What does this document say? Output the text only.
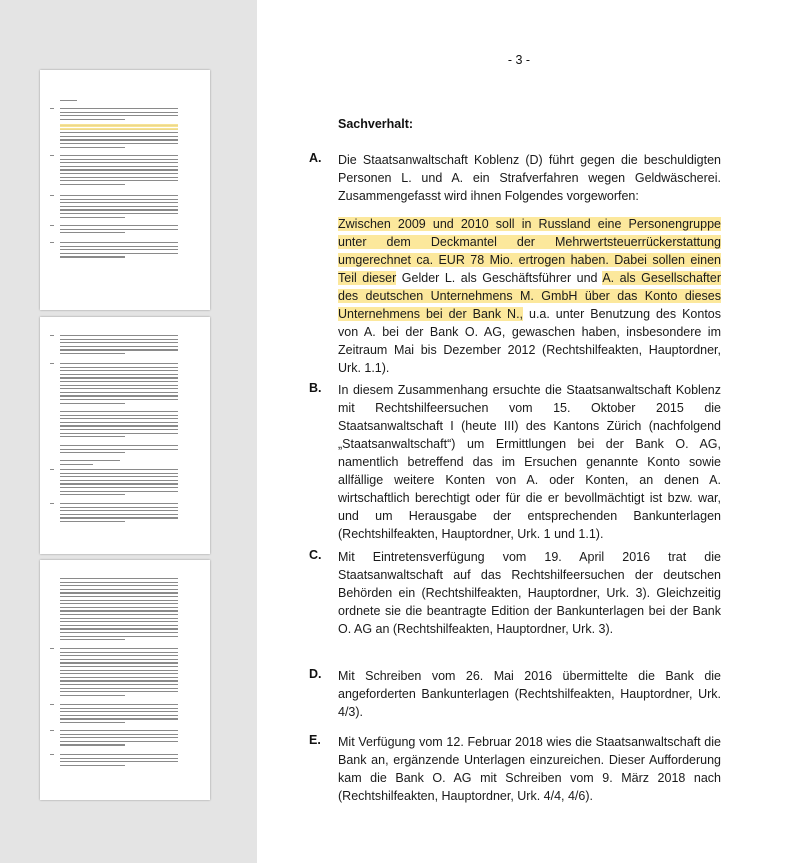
- 3 -
Sachverhalt:
A. Die Staatsanwaltschaft Koblenz (D) führt gegen die beschuldigten Personen L. und A. ein Strafverfahren wegen Geldwäscherei. Zusammengefasst wird ihnen Folgendes vorgeworfen:

Zwischen 2009 und 2010 soll in Russland eine Personengruppe unter dem Deckmantel der Mehrwertsteuerrückerstattung umgerechnet ca. EUR 78 Mio. ertrogen haben. Dabei sollen einen Teil dieser Gelder L. als Geschäftsführer und A. als Gesellschafter des deutschen Unternehmens M. GmbH über das Konto dieses Unternehmens bei der Bank N., u.a. unter Benutzung des Kontos von A. bei der Bank O. AG, gewaschen haben, insbesondere im Zeitraum Mai bis Dezember 2012 (Rechtshilfeakten, Hauptordner, Urk. 1.1).

B. In diesem Zusammenhang ersuchte die Staatsanwaltschaft Koblenz mit Rechtshilfeersuchen vom 15. Oktober 2015 die Staatsanwaltschaft I (heute III) des Kantons Zürich (nachfolgend „Staatsanwaltschaft“) um Ermittlungen bei der Bank O. AG, namentlich betreffend das im Ersuchen genannte Konto sowie allfällige weitere Konten von A. oder Konten, an denen A. wirtschaftlich berechtigt oder für die er bevollmächtigt ist bzw. war, und um Herausgabe der entsprechenden Bankunterlagen (Rechtshilfeakten, Hauptordner, Urk. 1 und 1.1).

C. Mit Eintretensverfügung vom 19. April 2016 trat die Staatsanwaltschaft auf das Rechtshilfeersuchen der deutschen Behörden ein (Rechtshilfeakten, Hauptordner, Urk. 3). Gleichzeitig ordnete sie die beantragte Edition der Bankunterlagen bei der Bank O. AG an (Rechtshilfeakten, Hauptordner, Urk. 3).

D. Mit Schreiben vom 26. Mai 2016 übermittelte die Bank die angeforderten Bankunterlagen (Rechtshilfeakten, Hauptordner, Urk. 4/3).

E. Mit Verfügung vom 12. Februar 2018 wies die Staatsanwaltschaft die Bank an, ergänzende Unterlagen einzureichen. Dieser Aufforderung kam die Bank O. AG mit Schreiben vom 9. März 2018 nach (Rechtshilfeakten, Hauptordner, Urk. 4/4, 4/6).
